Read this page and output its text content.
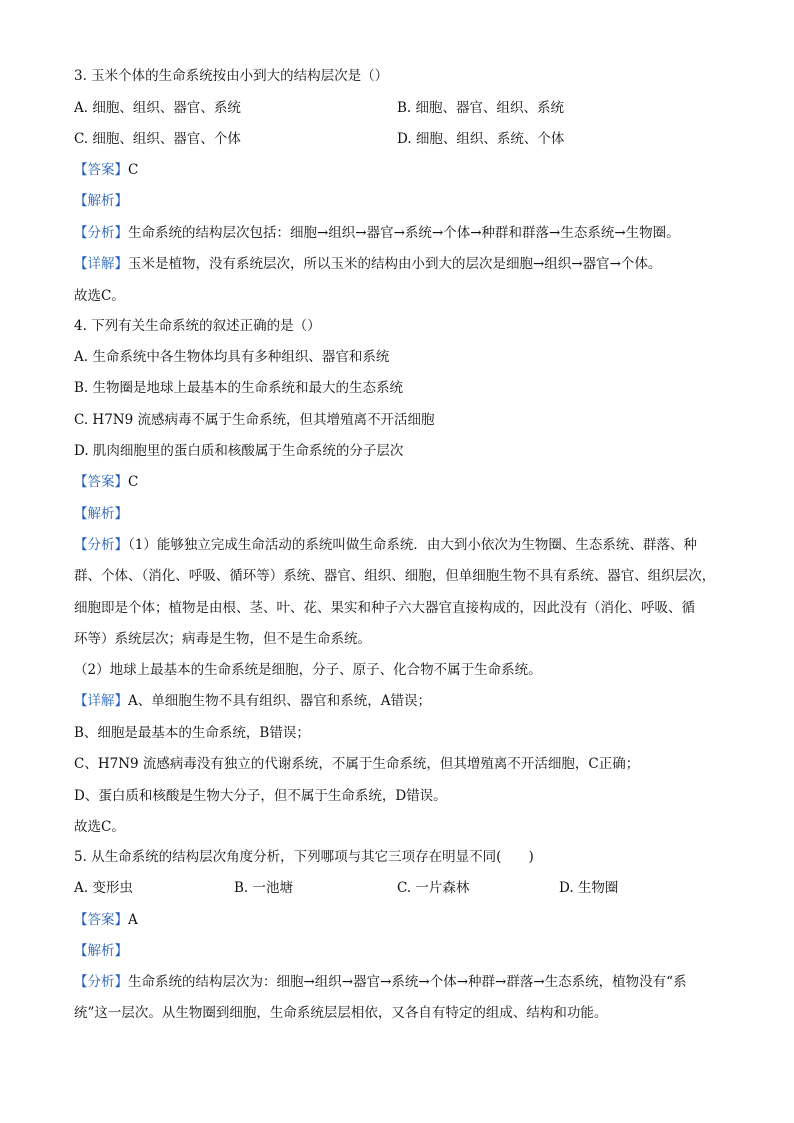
3. 玉米个体的生命系统按由小到大的结构层次是（）
A. 细胞、组织、器官、系统	B. 细胞、器官、组织、系统
C. 细胞、组织、器官、个体	D. 细胞、组织、系统、个体
【答案】C
【解析】
【分析】生命系统的结构层次包括：细胞→组织→器官→系统→个体→种群和群落→生态系统→生物圈。
【详解】玉米是植物，没有系统层次，所以玉米的结构由小到大的层次是细胞→组织→器官→个体。
故选C。
4. 下列有关生命系统的叙述正确的是（）
A. 生命系统中各生物体均具有多种组织、器官和系统
B. 生物圈是地球上最基本的生命系统和最大的生态系统
C. H7N9 流感病毒不属于生命系统，但其增殖离不开活细胞
D. 肌肉细胞里的蛋白质和核酸属于生命系统的分子层次
【答案】C
【解析】
【分析】（1）能够独立完成生命活动的系统叫做生命系统．由大到小依次为生物圈、生态系统、群落、种
群、个体、（消化、呼吸、循环等）系统、器官、组织、细胞，但单细胞生物不具有系统、器官、组织层次，
细胞即是个体；植物是由根、茎、叶、花、果实和种子六大器官直接构成的，因此没有（消化、呼吸、循
环等）系统层次；病毒是生物，但不是生命系统。
（2）地球上最基本的生命系统是细胞，分子、原子、化合物不属于生命系统。
【详解】A、单细胞生物不具有组织、器官和系统，A错误；
B、细胞是最基本的生命系统，B错误；
C、H7N9 流感病毒没有独立的代谢系统，不属于生命系统，但其增殖离不开活细胞，C正确；
D、蛋白质和核酸是生物大分子，但不属于生命系统，D错误。
故选C。
5. 从生命系统的结构层次角度分析，下列哪项与其它三项存在明显不同(　　)
A. 变形虫	B. 一池塘	C. 一片森林	D. 生物圈
【答案】A
【解析】
【分析】生命系统的结构层次为：细胞→组织→器官→系统→个体→种群→群落→生态系统，植物没有“系
统”这一层次。从生物圈到细胞，生命系统层层相依，又各自有特定的组成、结构和功能。
